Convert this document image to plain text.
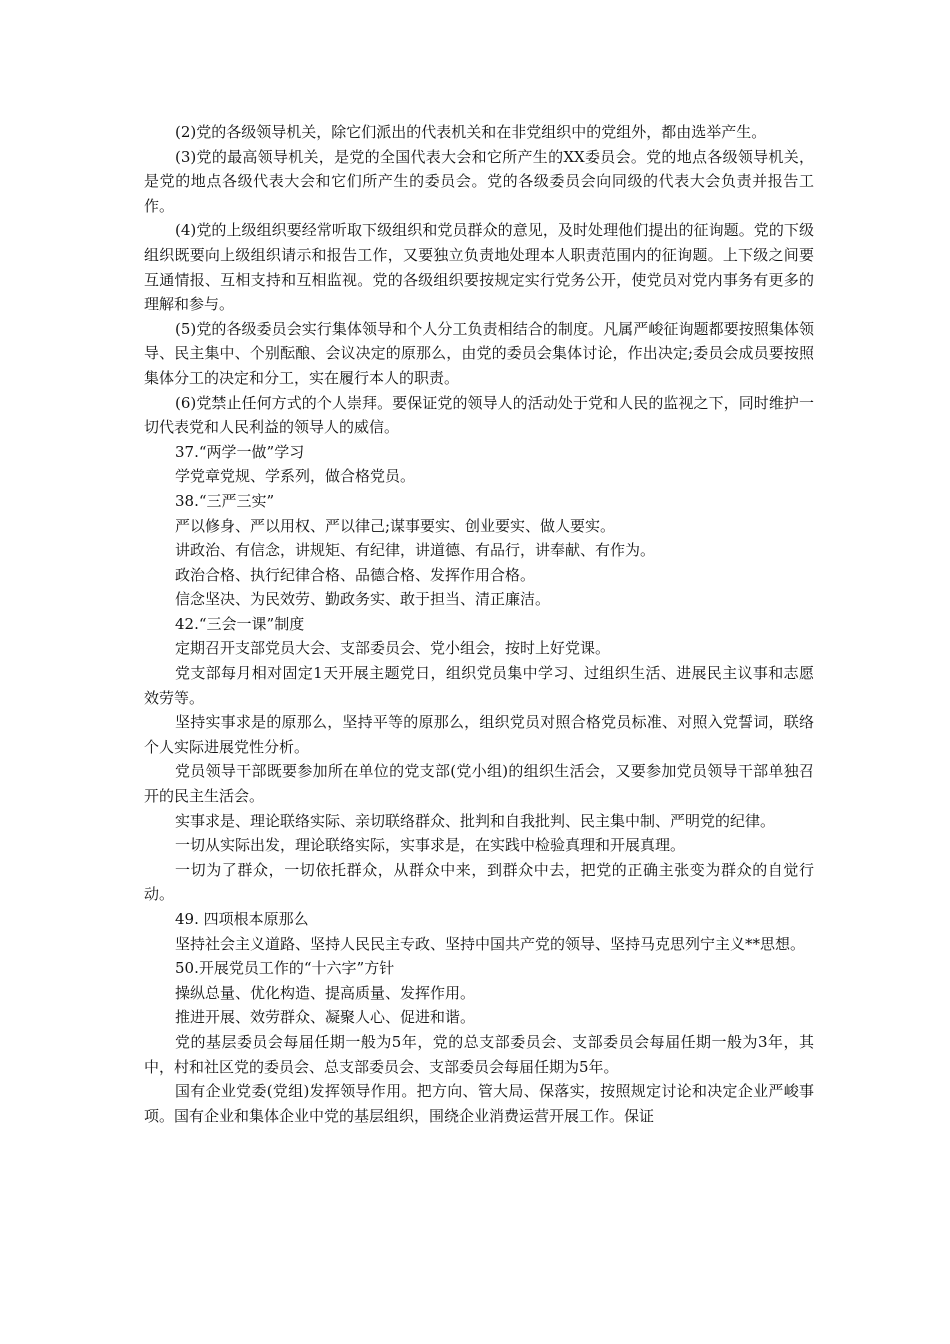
(2)党的各级领导机关，除它们派出的代表机关和在非党组织中的党组外，都由选举产生。

(3)党的最高领导机关，是党的全国代表大会和它所产生的XX委员会。党的地点各级领导机关，是党的地点各级代表大会和它们所产生的委员会。党的各级委员会向同级的代表大会负责并报告工作。

(4)党的上级组织要经常听取下级组织和党员群众的意见，及时处理他们提出的征询题。党的下级组织既要向上级组织请示和报告工作，又要独立负责地处理本人职责范围内的征询题。上下级之间要互通情报、互相支持和互相监视。党的各级组织要按规定实行党务公开，使党员对党内事务有更多的理解和参与。

(5)党的各级委员会实行集体领导和个人分工负责相结合的制度。凡属严峻征询题都要按照集体领导、民主集中、个别酝酿、会议决定的原那么，由党的委员会集体讨论，作出决定;委员会成员要按照集体分工的决定和分工，实在履行本人的职责。

(6)党禁止任何方式的个人崇拜。要保证党的领导人的活动处于党和人民的监视之下，同时维护一切代表党和人民利益的领导人的威信。

37.“两学一做”学习

学党章党规、学系列，做合格党员。

38.“三严三实”

严以修身、严以用权、严以律己;谋事要实、创业要实、做人要实。

讲政治、有信念，讲规矩、有纪律，讲道德、有品行，讲奉献、有作为。

政治合格、执行纪律合格、品德合格、发挥作用合格。

信念坚决、为民效劳、勤政务实、敢于担当、清正廉洁。

42.“三会一课”制度

定期召开支部党员大会、支部委员会、党小组会，按时上好党课。

党支部每月相对固定1天开展主题党日，组织党员集中学习、过组织生活、进展民主议事和志愿效劳等。

坚持实事求是的原那么，坚持平等的原那么，组织党员对照合格党员标准、对照入党誓词，联络个人实际进展党性分析。

党员领导干部既要参加所在单位的党支部(党小组)的组织生活会，又要参加党员领导干部单独召开的民主生活会。

实事求是、理论联络实际、亲切联络群众、批判和自我批判、民主集中制、严明党的纪律。

一切从实际出发，理论联络实际，实事求是，在实践中检验真理和开展真理。

一切为了群众，一切依托群众，从群众中来，到群众中去，把党的正确主张变为群众的自觉行动。

49. 四项根本原那么

坚持社会主义道路、坚持人民民主专政、坚持中国共产党的领导、坚持马克思列宁主义**思想。

50.开展党员工作的“十六字”方针

操纵总量、优化构造、提高质量、发挥作用。

推进开展、效劳群众、凝聚人心、促进和谐。

党的基层委员会每届任期一般为5年，党的总支部委员会、支部委员会每届任期一般为3年，其中，村和社区党的委员会、总支部委员会、支部委员会每届任期为5年。

国有企业党委(党组)发挥领导作用。把方向、管大局、保落实，按照规定讨论和决定企业严峻事项。国有企业和集体企业中党的基层组织，围绕企业消费运营开展工作。保证
